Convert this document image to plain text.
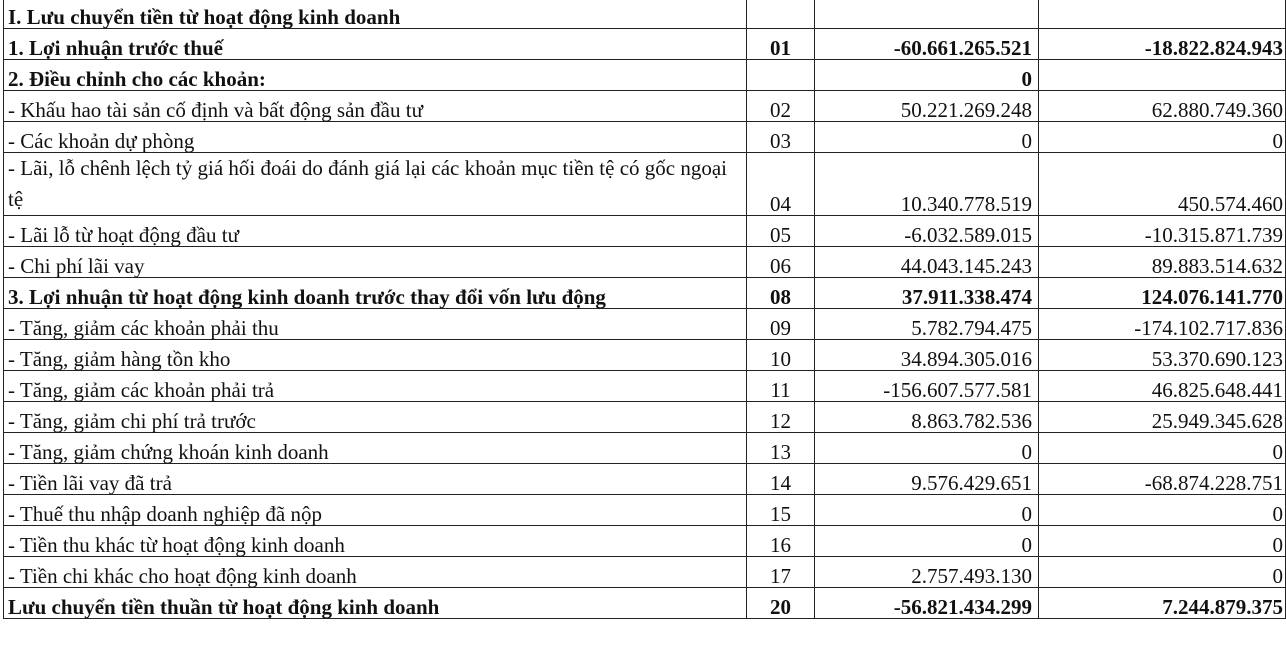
I. Lưu chuyển tiền từ hoạt động kinh doanh			
1. Lợi nhuận trước thuế	01	-60.661.265.521	-18.822.824.943
2. Điều chỉnh cho các khoản:		0	
- Khấu hao tài sản cố định và bất động sản đầu tư	02	50.221.269.248	62.880.749.360
- Các khoản dự phòng	03	0	0
- Lãi, lỗ chênh lệch tỷ giá hối đoái do đánh giá lại các khoản mục tiền tệ có gốc ngoại tệ	04	10.340.778.519	450.574.460
- Lãi lỗ từ hoạt động đầu tư	05	-6.032.589.015	-10.315.871.739
- Chi phí lãi vay	06	44.043.145.243	89.883.514.632
3. Lợi nhuận từ hoạt động kinh doanh trước thay đổi vốn lưu động	08	37.911.338.474	124.076.141.770
- Tăng, giảm các khoản phải thu	09	5.782.794.475	-174.102.717.836
- Tăng, giảm hàng tồn kho	10	34.894.305.016	53.370.690.123
- Tăng, giảm các khoản phải trả	11	-156.607.577.581	46.825.648.441
- Tăng, giảm chi phí trả trước	12	8.863.782.536	25.949.345.628
- Tăng, giảm chứng khoán kinh doanh	13	0	0
- Tiền lãi vay đã trả	14	9.576.429.651	-68.874.228.751
- Thuế thu nhập doanh nghiệp đã nộp	15	0	0
- Tiền thu khác từ hoạt động kinh doanh	16	0	0
- Tiền chi khác cho hoạt động kinh doanh	17	2.757.493.130	0
Lưu chuyển tiền thuần từ hoạt động kinh doanh	20	-56.821.434.299	7.244.879.375
